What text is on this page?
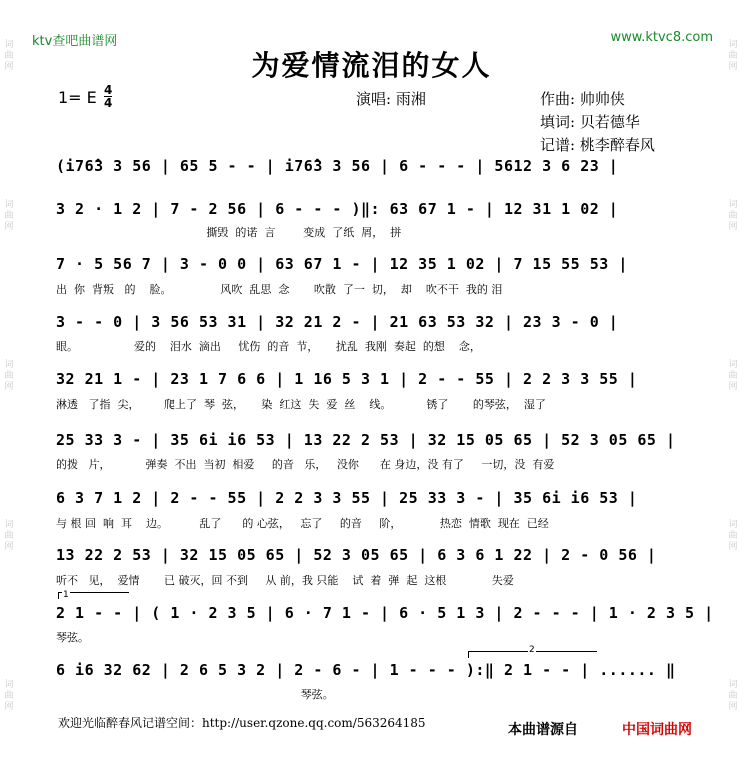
ktv查吧曲谱网	www.ktvc8.com
为爱情流泪的女人
1= E $\frac{4}{4}$	演唱: 雨湘	作曲: 帅帅侠
填词: 贝若德华
记谱: 桃李醉春风
词曲网
词曲网
词曲网
词曲网
词曲网
词曲网
词曲网
词曲网
词曲网
词曲网
(i76̂3 3 56 | 65 5 - - | i76̂3 3 56 | 6 - - - | 5612 3 6 23 |
3 2 · 1 2 | 7 - 2 56 | 6 - - - )‖: 63 67 1 - | 12 31 1 02 |
撕毁  的诺  言        变成  了纸  屑，  拼
7 · 5 56 7 | 3 - 0 0 | 63 67 1 - | 12 35 1 02 | 7 15 55 53 |
出  你  背叛   的    脸。              风吹  乱思  念       吹散  了一  切，  却    吹不干  我的 泪
3 - - 0 | 3 56 53 31 | 32 21 2 - | 21 63 53 32 | 23 3 - 0 |
眼。                爱的    泪水  滴出     忧伤  的音  节，     扰乱  我刚  奏起  的想    念，
32 21 1 - | 23 1 7 6 6 | 1 16 5 3 1 | 2 - - 55 | 2 2 3 3 55 |
淋透   了指  尖，       爬上了  琴  弦，     染  红这  失  爱  丝    线。          锈了       的琴弦，  湿了
25 33 3 - | 35 6i i6 53 | 13 22 2 53 | 32 15 05 65 | 52 3 05 65 |
的拨   片，          弹奏  不出  当初  相爱     的音   乐，   没你      在 身边，没 有了     一切，没  有爱
6 3 7 1 2 | 2 - - 55 | 2 2 3 3 55 | 25 33 3 - | 35 6i i6 53 |
与 根 回  响  耳    边。         乱了      的 心弦，   忘了     的音     阶，           热恋  情歌  现在  已经
13 22 2 53 | 32 15 05 65 | 52 3 05 65 | 6 3 6 1 22 | 2 - 0 56 |
听不   见，  爱情       已 破灭，回 不到     从 前，我 只能    试  着  弹  起  这根             失爱
1
2 1 - - | ( 1 · 2 3 5 | 6 · 7 1 - | 6 · 5 1 3 | 2 - - - | 1 · 2 3 5 |
琴弦。
2
6 i6 32 62 | 2 6 5 3 2 | 2 - 6 - | 1 - - - ):‖ 2 1 - - | ...... ‖
琴弦。
欢迎光临醉春风记谱空间：http://user.qzone.qq.com/563264185	本曲谱源自	中国词曲网
